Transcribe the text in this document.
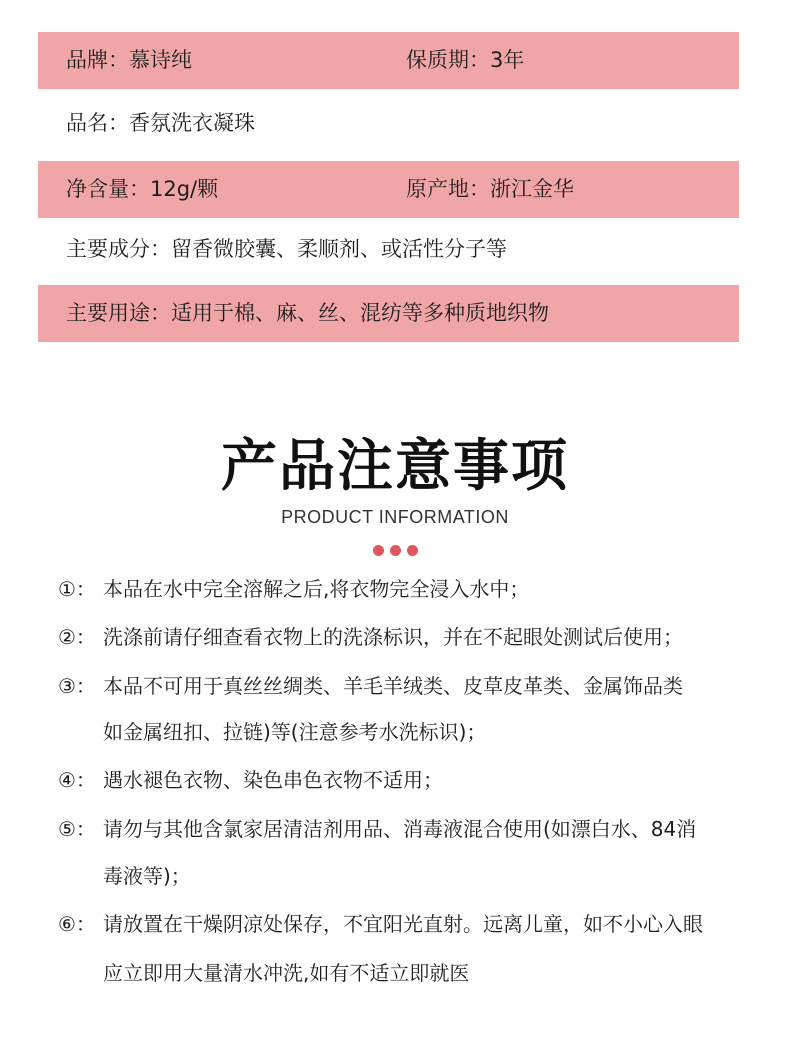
品牌：慕诗纯	保质期：3年
品名：香氛洗衣凝珠
净含量：12g/颗	原产地：浙江金华
主要成分：留香微胶囊、柔顺剂、或活性分子等
主要用途：适用于棉、麻、丝、混纺等多种质地织物
产品注意事项
PRODUCT INFORMATION
①： 本品在水中完全溶解之后,将衣物完全浸入水中；
②： 洗涤前请仔细查看衣物上的洗涤标识，并在不起眼处测试后使用；
③： 本品不可用于真丝丝绸类、羊毛羊绒类、皮草皮革类、金属饰品类
如金属纽扣、拉链)等(注意参考水洗标识)；
④： 遇水褪色衣物、染色串色衣物不适用；
⑤： 请勿与其他含氯家居清洁剂用品、消毒液混合使用(如漂白水、84消
毒液等)；
⑥： 请放置在干燥阴凉处保存，不宜阳光直射。远离儿童，如不小心入眼
应立即用大量清水冲洗,如有不适立即就医
